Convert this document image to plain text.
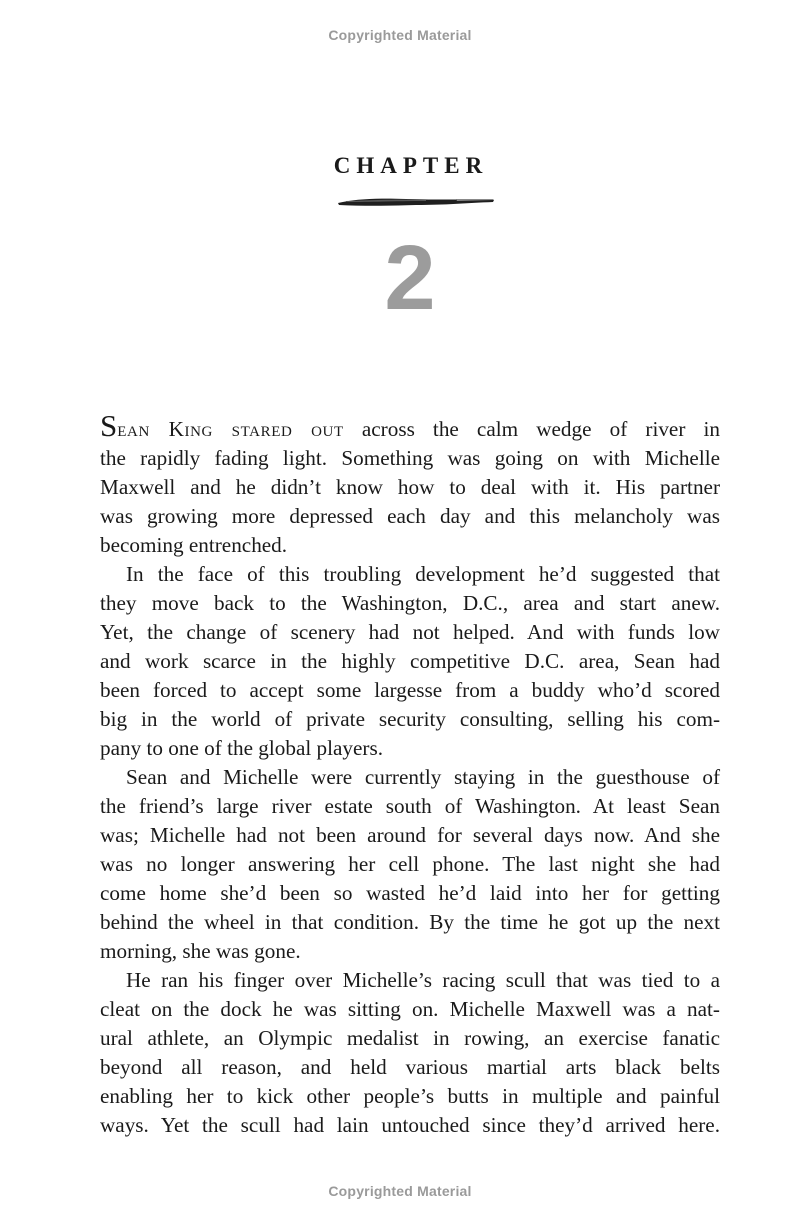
Copyrighted Material
CHAPTER
2

Sean King stared out across the calm wedge of river in
the rapidly fading light. Something was going on with Michelle
Maxwell and he didn’t know how to deal with it. His partner
was growing more depressed each day and this melancholy was
becoming entrenched.

In the face of this troubling development he’d suggested that
they move back to the Washington, D.C., area and start anew.
Yet, the change of scenery had not helped. And with funds low
and work scarce in the highly competitive D.C. area, Sean had
been forced to accept some largesse from a buddy who’d scored
big in the world of private security consulting, selling his com-
pany to one of the global players.

Sean and Michelle were currently staying in the guesthouse of
the friend’s large river estate south of Washington. At least Sean
was; Michelle had not been around for several days now. And she
was no longer answering her cell phone. The last night she had
come home she’d been so wasted he’d laid into her for getting
behind the wheel in that condition. By the time he got up the next
morning, she was gone.

He ran his finger over Michelle’s racing scull that was tied to a
cleat on the dock he was sitting on. Michelle Maxwell was a nat-
ural athlete, an Olympic medalist in rowing, an exercise fanatic
beyond all reason, and held various martial arts black belts
enabling her to kick other people’s butts in multiple and painful
ways. Yet the scull had lain untouched since they’d arrived here.

Copyrighted Material
